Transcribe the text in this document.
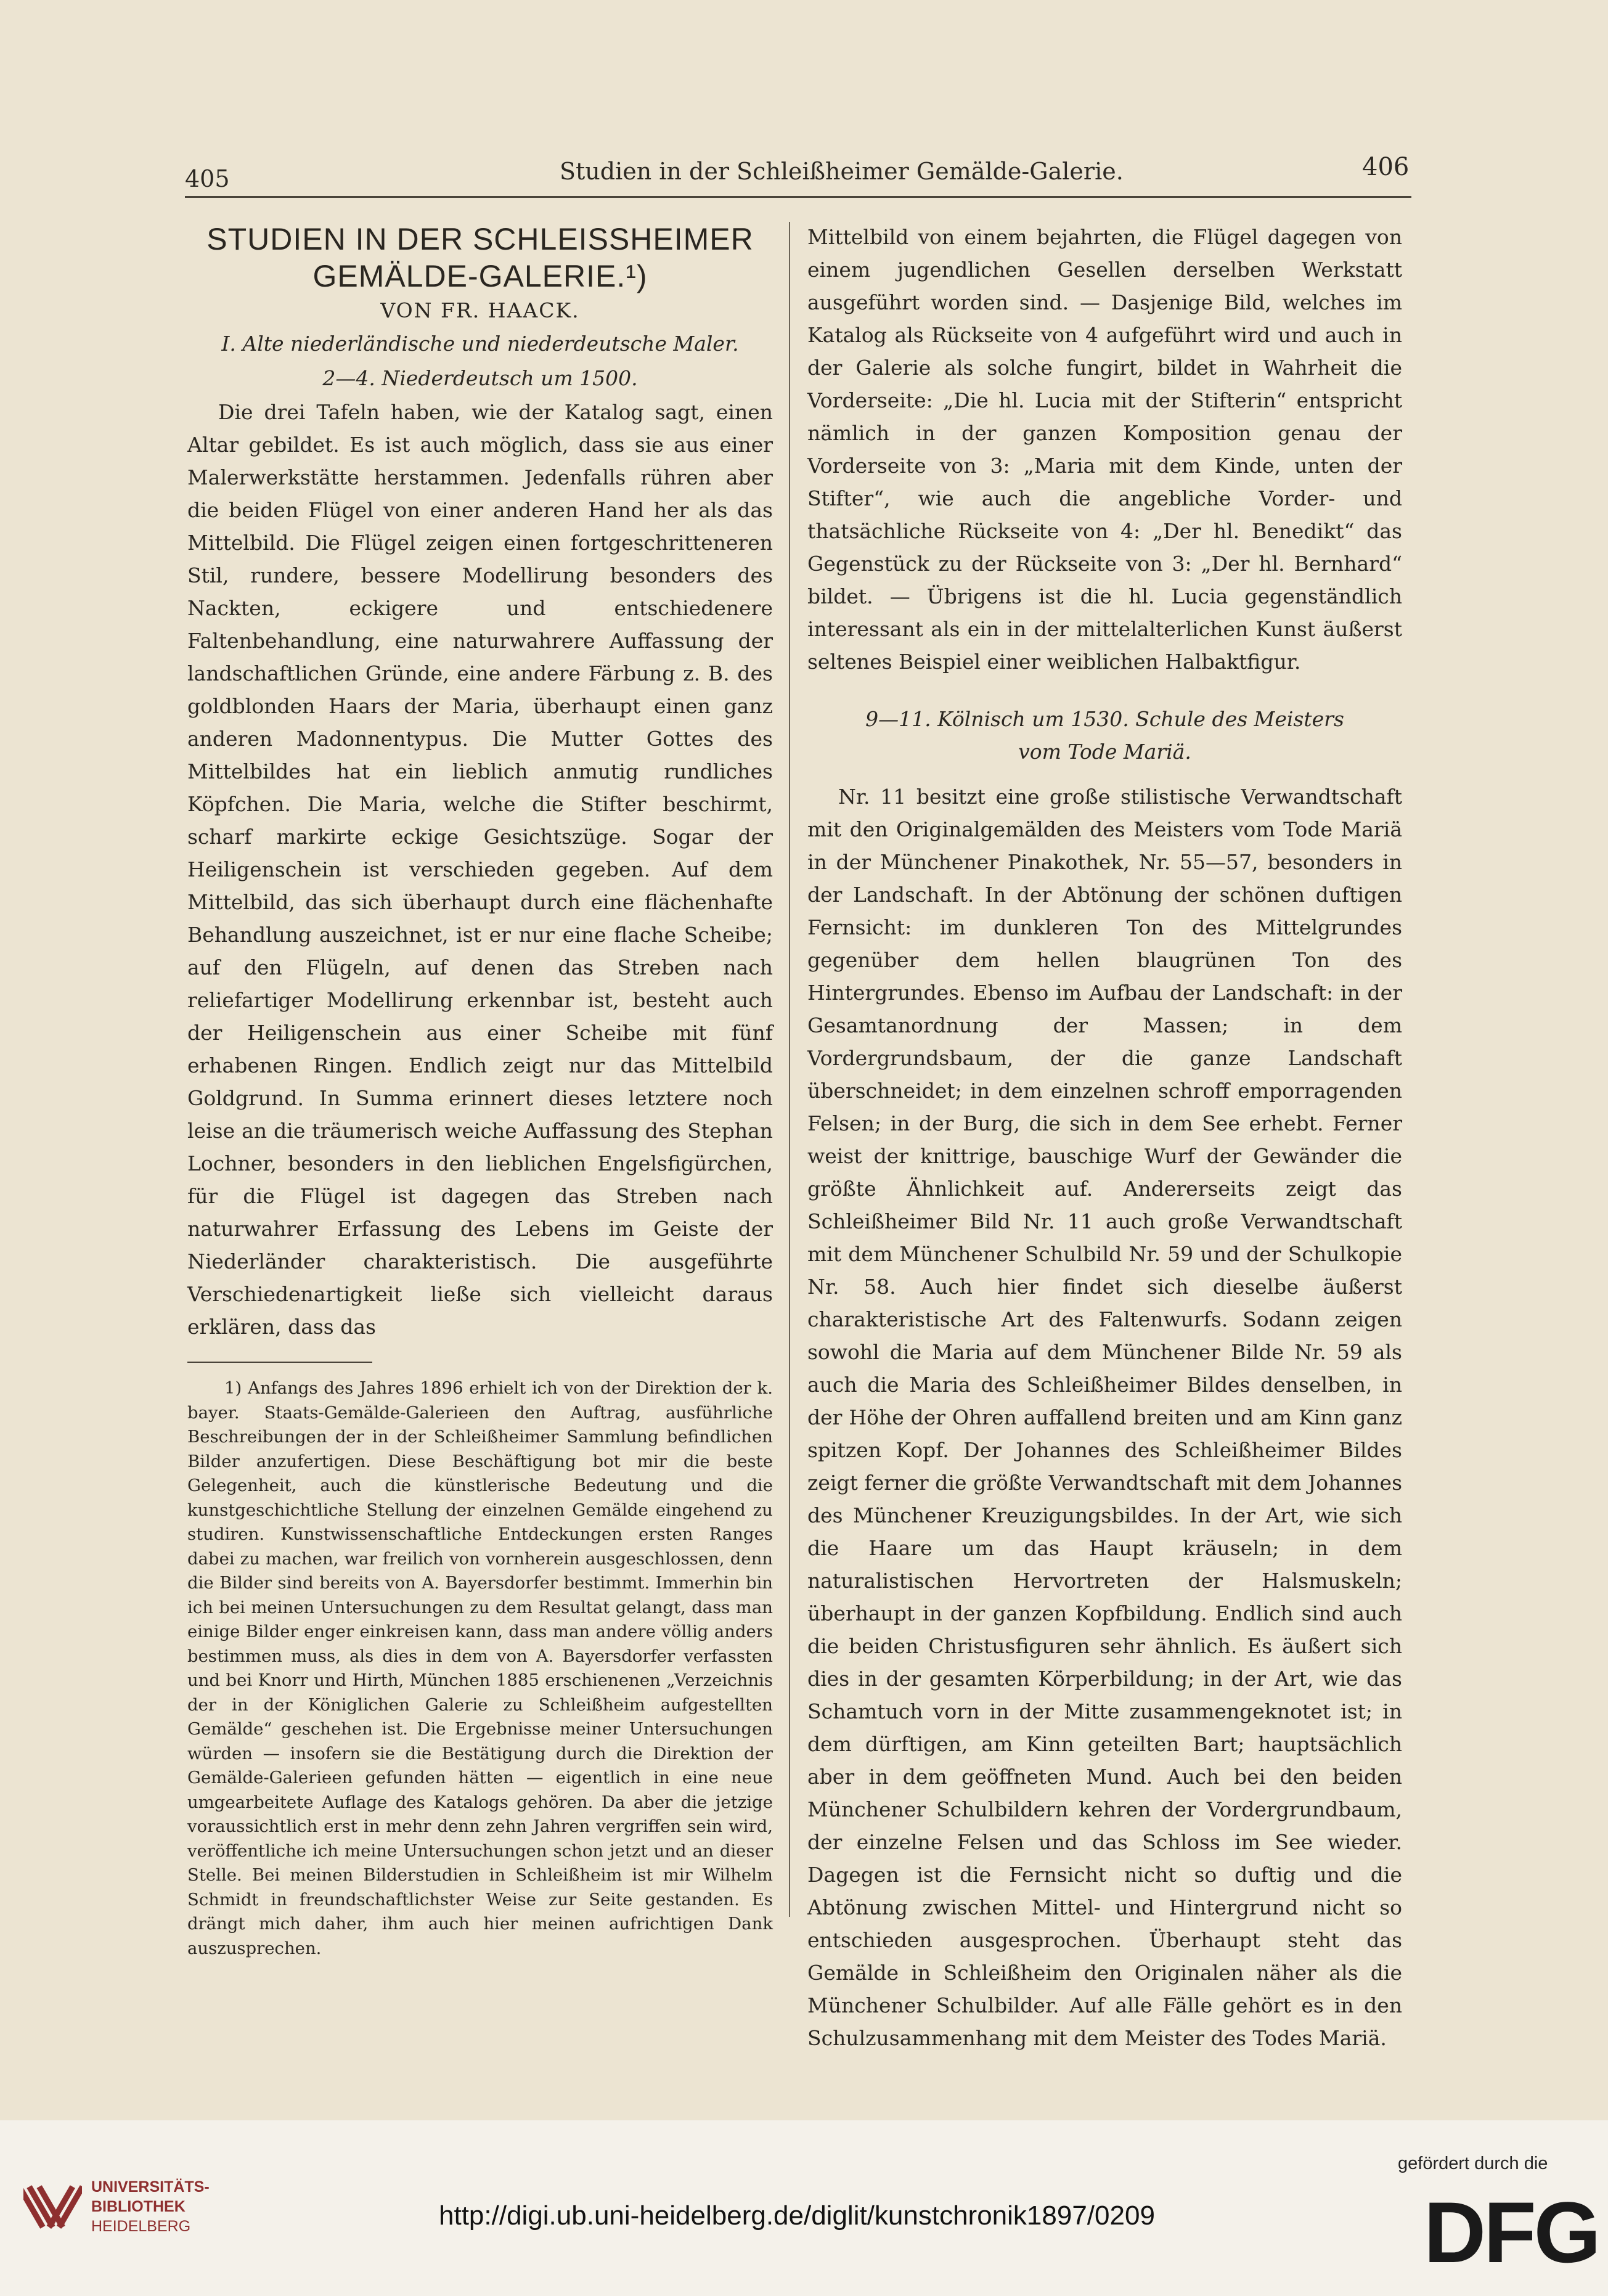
405	Studien in der Schleißheimer Gemälde-Galerie.	406

STUDIEN IN DER SCHLEISSHEIMER

GEMÄLDE-GALERIE.¹)

VON FR. HAACK.

I. Alte niederländische und niederdeutsche Maler.

2—4. Niederdeutsch um 1500.

Die drei Tafeln haben, wie der Katalog sagt, einen Altar gebildet. Es ist auch möglich, dass sie aus einer Malerwerkstätte herstammen. Jedenfalls rühren aber die beiden Flügel von einer anderen Hand her als das Mittelbild. Die Flügel zeigen einen fortgeschritteneren Stil, rundere, bessere Modellirung besonders des Nackten, eckigere und entschiedenere Faltenbehandlung, eine naturwahrere Auffassung der landschaftlichen Gründe, eine andere Färbung z. B. des goldblonden Haars der Maria, überhaupt einen ganz anderen Madonnentypus. Die Mutter Gottes des Mittelbildes hat ein lieblich anmutig rundliches Köpfchen. Die Maria, welche die Stifter beschirmt, scharf markirte eckige Gesichtszüge. Sogar der Heiligenschein ist verschieden gegeben. Auf dem Mittelbild, das sich überhaupt durch eine flächenhafte Behandlung auszeichnet, ist er nur eine flache Scheibe; auf den Flügeln, auf denen das Streben nach reliefartiger Modellirung erkennbar ist, besteht auch der Heiligenschein aus einer Scheibe mit fünf erhabenen Ringen. Endlich zeigt nur das Mittelbild Goldgrund. In Summa erinnert dieses letztere noch leise an die träumerisch weiche Auffassung des Stephan Lochner, besonders in den lieblichen Engelsfigürchen, für die Flügel ist dagegen das Streben nach naturwahrer Erfassung des Lebens im Geiste der Niederländer charakteristisch. Die ausgeführte Verschiedenartigkeit ließe sich vielleicht daraus erklären, dass das

1) Anfangs des Jahres 1896 erhielt ich von der Direktion der k. bayer. Staats-Gemälde-Galerieen den Auftrag, ausführliche Beschreibungen der in der Schleißheimer Sammlung befindlichen Bilder anzufertigen. Diese Beschäftigung bot mir die beste Gelegenheit, auch die künstlerische Bedeutung und die kunstgeschichtliche Stellung der einzelnen Gemälde eingehend zu studiren. Kunstwissenschaftliche Entdeckungen ersten Ranges dabei zu machen, war freilich von vornherein ausgeschlossen, denn die Bilder sind bereits von A. Bayersdorfer bestimmt. Immerhin bin ich bei meinen Untersuchungen zu dem Resultat gelangt, dass man einige Bilder enger einkreisen kann, dass man andere völlig anders bestimmen muss, als dies in dem von A. Bayersdorfer verfassten und bei Knorr und Hirth, München 1885 erschienenen „Verzeichnis der in der Königlichen Galerie zu Schleißheim aufgestellten Gemälde“ geschehen ist. Die Ergebnisse meiner Untersuchungen würden — insofern sie die Bestätigung durch die Direktion der Gemälde-Galerieen gefunden hätten — eigentlich in eine neue umgearbeitete Auflage des Katalogs gehören. Da aber die jetzige voraussichtlich erst in mehr denn zehn Jahren vergriffen sein wird, veröffentliche ich meine Untersuchungen schon jetzt und an dieser Stelle. Bei meinen Bilderstudien in Schleißheim ist mir Wilhelm Schmidt in freundschaftlichster Weise zur Seite gestanden. Es drängt mich daher, ihm auch hier meinen aufrichtigen Dank auszusprechen.

Mittelbild von einem bejahrten, die Flügel dagegen von einem jugendlichen Gesellen derselben Werkstatt ausgeführt worden sind. — Dasjenige Bild, welches im Katalog als Rückseite von 4 aufgeführt wird und auch in der Galerie als solche fungirt, bildet in Wahrheit die Vorderseite: „Die hl. Lucia mit der Stifterin“ entspricht nämlich in der ganzen Komposition genau der Vorderseite von 3: „Maria mit dem Kinde, unten der Stifter“, wie auch die angebliche Vorder- und thatsächliche Rückseite von 4: „Der hl. Benedikt“ das Gegenstück zu der Rückseite von 3: „Der hl. Bernhard“ bildet. — Übrigens ist die hl. Lucia gegenständlich interessant als ein in der mittelalterlichen Kunst äußerst seltenes Beispiel einer weiblichen Halbaktfigur.

9—11. Kölnisch um 1530. Schule des Meisters
vom Tode Mariä.

Nr. 11 besitzt eine große stilistische Verwandtschaft mit den Originalgemälden des Meisters vom Tode Mariä in der Münchener Pinakothek, Nr. 55—57, besonders in der Landschaft. In der Abtönung der schönen duftigen Fernsicht: im dunkleren Ton des Mittelgrundes gegenüber dem hellen blaugrünen Ton des Hintergrundes. Ebenso im Aufbau der Landschaft: in der Gesamtanordnung der Massen; in dem Vordergrundsbaum, der die ganze Landschaft überschneidet; in dem einzelnen schroff emporragenden Felsen; in der Burg, die sich in dem See erhebt. Ferner weist der knittrige, bauschige Wurf der Gewänder die größte Ähnlichkeit auf. Andererseits zeigt das Schleißheimer Bild Nr. 11 auch große Verwandtschaft mit dem Münchener Schulbild Nr. 59 und der Schulkopie Nr. 58. Auch hier findet sich dieselbe äußerst charakteristische Art des Faltenwurfs. Sodann zeigen sowohl die Maria auf dem Münchener Bilde Nr. 59 als auch die Maria des Schleißheimer Bildes denselben, in der Höhe der Ohren auffallend breiten und am Kinn ganz spitzen Kopf. Der Johannes des Schleißheimer Bildes zeigt ferner die größte Verwandtschaft mit dem Johannes des Münchener Kreuzigungsbildes. In der Art, wie sich die Haare um das Haupt kräuseln; in dem naturalistischen Hervortreten der Halsmuskeln; überhaupt in der ganzen Kopfbildung. Endlich sind auch die beiden Christusfiguren sehr ähnlich. Es äußert sich dies in der gesamten Körperbildung; in der Art, wie das Schamtuch vorn in der Mitte zusammengeknotet ist; in dem dürftigen, am Kinn geteilten Bart; hauptsächlich aber in dem geöffneten Mund. Auch bei den beiden Münchener Schulbildern kehren der Vordergrundbaum, der einzelne Felsen und das Schloss im See wieder. Dagegen ist die Fernsicht nicht so duftig und die Abtönung zwischen Mittel- und Hintergrund nicht so entschieden ausgesprochen. Überhaupt steht das Gemälde in Schleißheim den Originalen näher als die Münchener Schulbilder. Auf alle Fälle gehört es in den Schulzusammenhang mit dem Meister des Todes Mariä.

UNIVERSITÄTS-
BIBLIOTHEK
HEIDELBERG	http://digi.ub.uni-heidelberg.de/diglit/kunstchronik1897/0209
gefördert durch die
DFG
